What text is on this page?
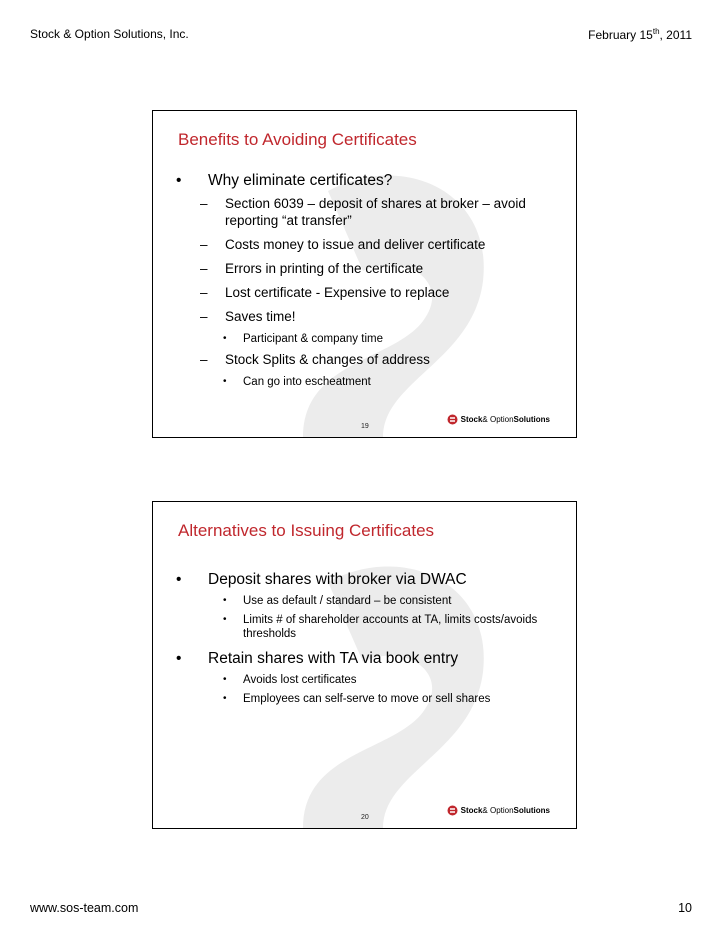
Stock & Option Solutions, Inc.	February 15th, 2011
Benefits to Avoiding Certificates
• Why eliminate certificates?
– Section 6039 – deposit of shares at broker – avoid reporting “at transfer”
– Costs money to issue and deliver certificate
– Errors in printing of the certificate
– Lost certificate - Expensive to replace
– Saves time!
• Participant & company time
– Stock Splits & changes of address
• Can go into escheatment
19
Stock & Option Solutions
Alternatives to Issuing Certificates
• Deposit shares with broker via DWAC
• Use as default / standard – be consistent
• Limits # of shareholder accounts at TA, limits costs/avoids thresholds
• Retain shares with TA via book entry
• Avoids lost certificates
• Employees can self-serve to move or sell shares
20
Stock & Option Solutions
www.sos-team.com	10
